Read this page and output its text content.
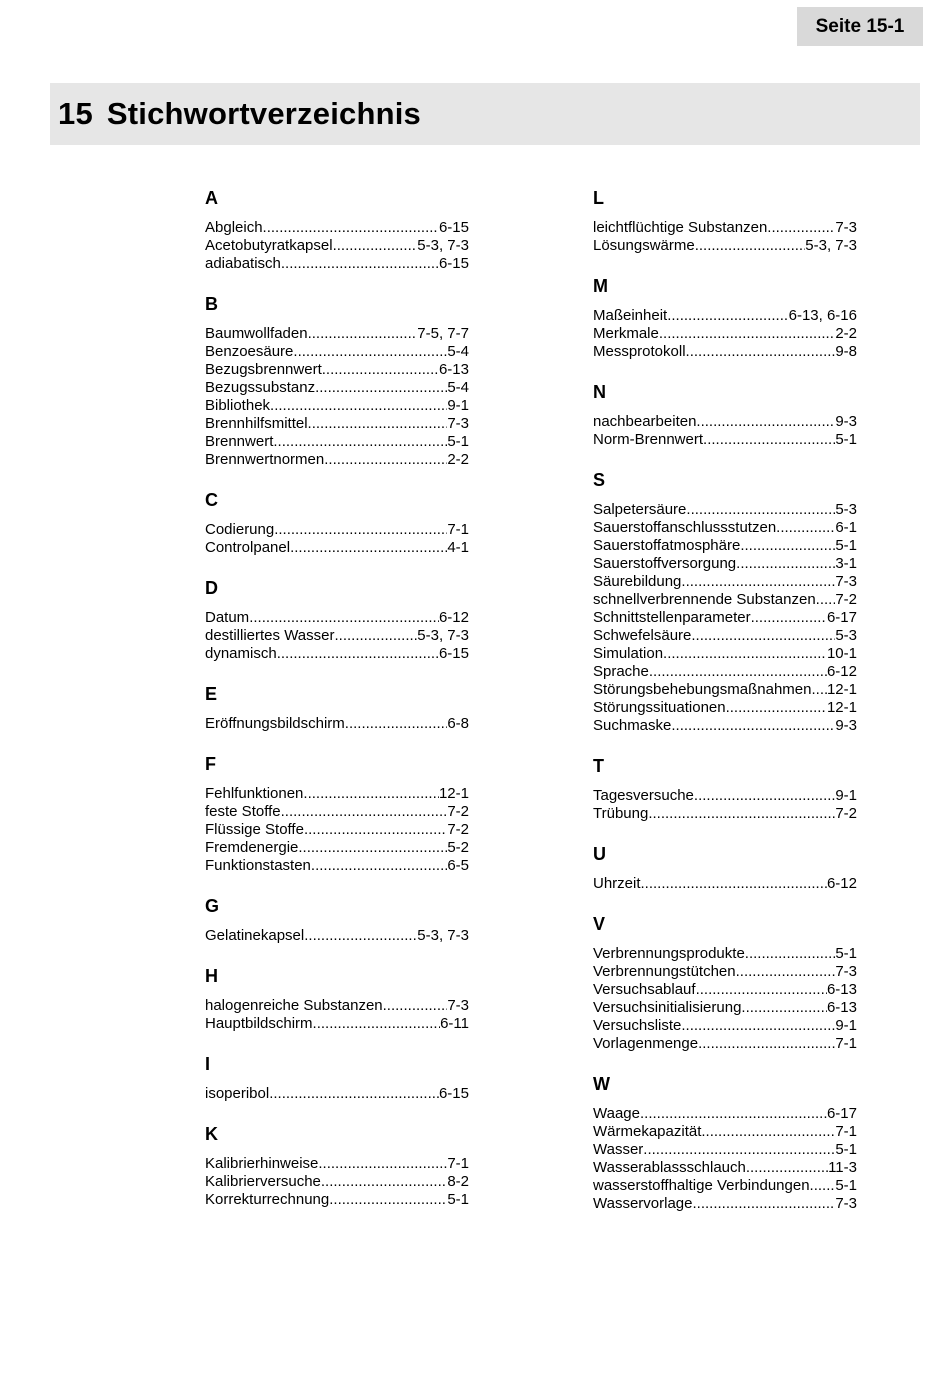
Seite 15-1
15 Stichwortverzeichnis
A
Abgleich .....	6-15
Acetobutyratkapsel .....	5-3, 7-3
adiabatisch .....	6-15
B
Baumwollfaden .....	7-5, 7-7
Benzoesäure .....	5-4
Bezugsbrennwert .....	6-13
Bezugssubstanz .....	5-4
Bibliothek .....	9-1
Brennhilfsmittel .....	7-3
Brennwert .....	5-1
Brennwertnormen .....	2-2
C
Codierung .....	7-1
Controlpanel .....	4-1
D
Datum .....	6-12
destilliertes Wasser .....	5-3, 7-3
dynamisch .....	6-15
E
Eröffnungsbildschirm .....	6-8
F
Fehlfunktionen .....	12-1
feste Stoffe .....	7-2
Flüssige Stoffe .....	7-2
Fremdenergie .....	5-2
Funktionstasten .....	6-5
G
Gelatinekapsel .....	5-3, 7-3
H
halogenreiche Substanzen .....	7-3
Hauptbildschirm .....	6-11
I
isoperibol .....	6-15
K
Kalibrierhinweise .....	7-1
Kalibrierversuche .....	8-2
Korrekturrechnung .....	5-1
L
leichtflüchtige Substanzen .....	7-3
Lösungswärme .....	5-3, 7-3
M
Maßeinheit .....	6-13, 6-16
Merkmale .....	2-2
Messprotokoll .....	9-8
N
nachbearbeiten .....	9-3
Norm-Brennwert .....	5-1
S
Salpetersäure .....	5-3
Sauerstoffanschlussstutzen .....	6-1
Sauerstoffatmosphäre .....	5-1
Sauerstoffversorgung .....	3-1
Säurebildung .....	7-3
schnellverbrennende Substanzen ..... 7-2
Schnittstellenparameter .....	6-17
Schwefelsäure .....	5-3
Simulation .....	10-1
Sprache .....	6-12
Störungsbehebungsmaßnahmen ..... 12-1
Störungssituationen .....	12-1
Suchmaske .....	9-3
T
Tagesversuche .....	9-1
Trübung .....	7-2
U
Uhrzeit .....	6-12
V
Verbrennungsprodukte .....	5-1
Verbrennungstütchen .....	7-3
Versuchsablauf .....	6-13
Versuchsinitialisierung .....	6-13
Versuchsliste .....	9-1
Vorlagenmenge .....	7-1
W
Waage .....	6-17
Wärmekapazität .....	7-1
Wasser .....	5-1
Wasserablassschlauch .....	11-3
wasserstoffhaltige Verbindungen ..... 5-1
Wasservorlage .....	7-3
